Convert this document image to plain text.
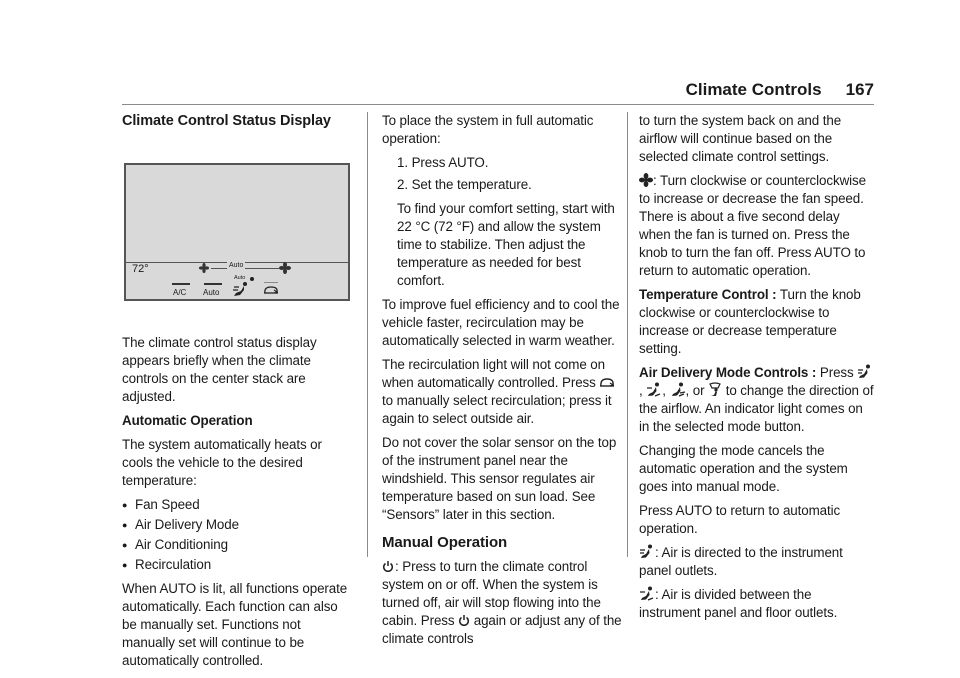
Climate Controls 167
Climate Control Status Display
72°	Auto
A/C Auto
Auto

The climate control status display appears briefly when the climate controls on the center stack are adjusted.

Automatic Operation

The system automatically heats or cools the vehicle to the desired temperature:

● Fan Speed
● Air Delivery Mode
● Air Conditioning
● Recirculation

When AUTO is lit, all functions operate automatically. Each function can also be manually set. Functions not manually set will continue to be automatically controlled.

To place the system in full automatic operation:

1. Press AUTO.
2. Set the temperature.

To find your comfort setting, start with 22 °C (72 °F) and allow the system time to stabilize. Then adjust the temperature as needed for best comfort.

To improve fuel efficiency and to cool the vehicle faster, recirculation may be automatically selected in warm weather.

The recirculation light will not come on when automatically controlled. Press  to manually select recirculation; press it again to select outside air.

Do not cover the solar sensor on the top of the instrument panel near the windshield. This sensor regulates air temperature based on sun load. See “Sensors” later in this section.

Manual Operation

 : Press to turn the climate control system on or off. When the system is turned off, air will stop flowing into the cabin. Press again or adjust any of the climate controls

to turn the system back on and the airflow will continue based on the selected climate control settings.

: Turn clockwise or counterclockwise to increase or decrease the fan speed. There is about a five second delay when the fan is turned on. Press the knob to turn the fan off. Press AUTO to return to automatic operation.

Temperature Control : Turn the knob clockwise or counterclockwise to increase or decrease temperature setting.

Air Delivery Mode Controls : Press , , , or to change the direction of the airflow. An indicator light comes on in the selected mode button.

Changing the mode cancels the automatic operation and the system goes into manual mode.

Press AUTO to return to automatic operation.

: Air is directed to the instrument panel outlets.

: Air is divided between the instrument panel and floor outlets.
